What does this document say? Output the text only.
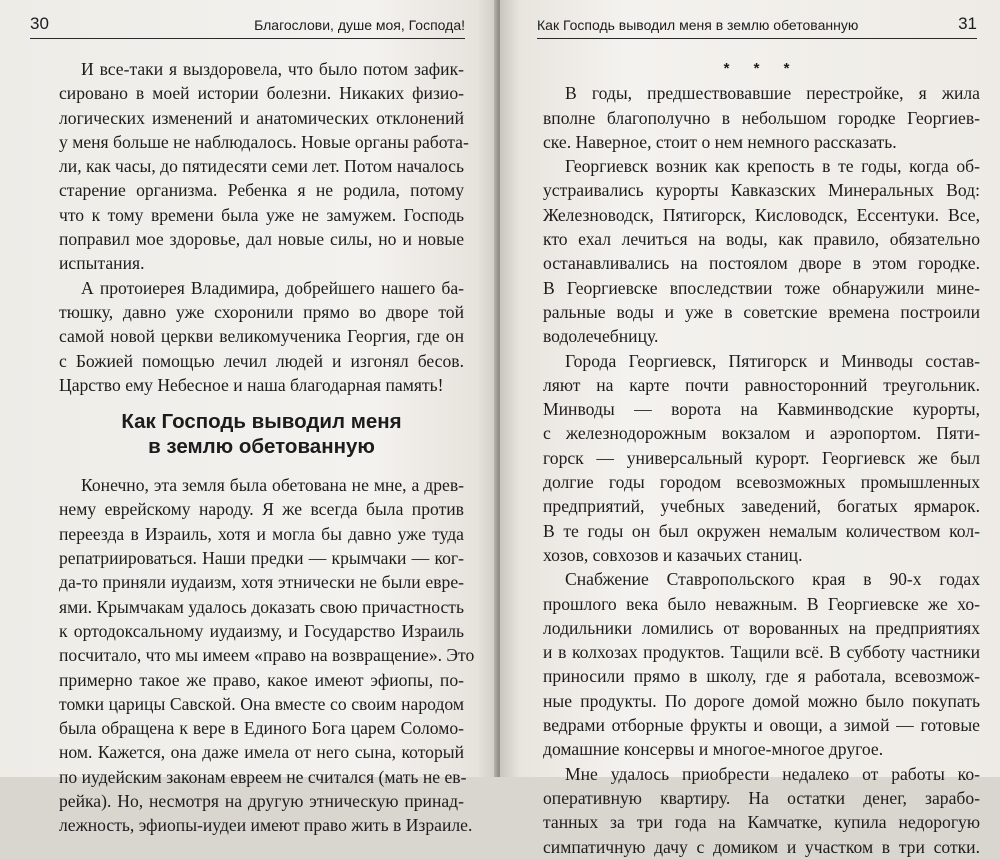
30	Благослови, душе моя, Господа!
И все-таки я выздоровела, что было потом зафик-
сировано в моей истории болезни. Никаких физио-
логических изменений и анатомических отклонений
у меня больше не наблюдалось. Новые органы работа-
ли, как часы, до пятидесяти семи лет. Потом началось
старение организма. Ребенка я не родила, потому
что к тому времени была уже не замужем. Господь
поправил мое здоровье, дал новые силы, но и новые
испытания.
А протоиерея Владимира, добрейшего нашего ба-
тюшку, давно уже схоронили прямо во дворе той
самой новой церкви великомученика Георгия, где он
с Божией помощью лечил людей и изгонял бесов.
Царство ему Небесное и наша благодарная память!
Как Господь выводил меня
в землю обетованную
Конечно, эта земля была обетована не мне, а древ-
нему еврейскому народу. Я же всегда была против
переезда в Израиль, хотя и могла бы давно уже туда
репатриироваться. Наши предки — крымчаки — ког-
да-то приняли иудаизм, хотя этнически не были евре-
ями. Крымчакам удалось доказать свою причастность
к ортодоксальному иудаизму, и Государство Израиль
посчитало, что мы имеем «право на возвращение». Это
примерно такое же право, какое имеют эфиопы, по-
томки царицы Савской. Она вместе со своим народом
была обращена к вере в Единого Бога царем Соломо-
ном. Кажется, она даже имела от него сына, который
по иудейским законам евреем не считался (мать не ев-
рейка). Но, несмотря на другую этническую принад-
лежность, эфиопы-иудеи имеют право жить в Израиле.
Как Господь выводил меня в землю обетованную	31
* * *
В годы, предшествовавшие перестройке, я жила
вполне благополучно в небольшом городке Георгиев-
ске. Наверное, стоит о нем немного рассказать.
Георгиевск возник как крепость в те годы, когда об-
устраивались курорты Кавказских Минеральных Вод:
Железноводск, Пятигорск, Кисловодск, Ессентуки. Все,
кто ехал лечиться на воды, как правило, обязательно
останавливались на постоялом дворе в этом городке.
В Георгиевске впоследствии тоже обнаружили мине-
ральные воды и уже в советские времена построили
водолечебницу.
Города Георгиевск, Пятигорск и Минводы состав-
ляют на карте почти равносторонний треугольник.
Минводы — ворота на Кавминводские курорты,
с железнодорожным вокзалом и аэропортом. Пяти-
горск — универсальный курорт. Георгиевск же был
долгие годы городом всевозможных промышленных
предприятий, учебных заведений, богатых ярмарок.
В те годы он был окружен немалым количеством кол-
хозов, совхозов и казачьих станиц.
Снабжение Ставропольского края в 90-х годах
прошлого века было неважным. В Георгиевске же хо-
лодильники ломились от ворованных на предприятиях
и в колхозах продуктов. Тащили всё. В субботу частники
приносили прямо в школу, где я работала, всевозмож-
ные продукты. По дороге домой можно было покупать
ведрами отборные фрукты и овощи, а зимой — готовые
домашние консервы и многое-многое другое.
Мне удалось приобрести недалеко от работы ко-
оперативную квартиру. На остатки денег, зарабо-
танных за три года на Камчатке, купила недорогую
симпатичную дачу с домиком и участком в три сотки.
